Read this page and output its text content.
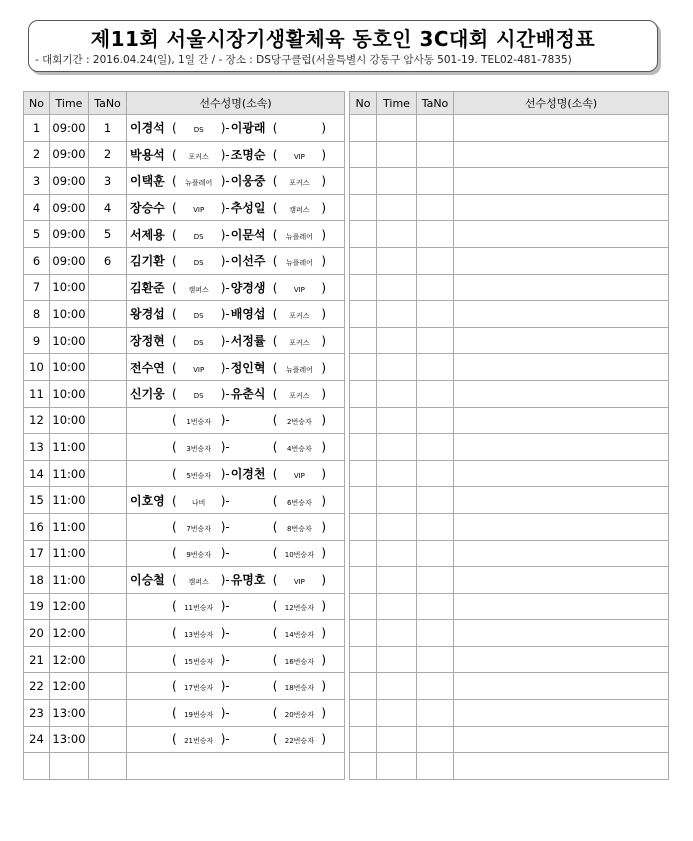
제11회 서울시장기생활체육 동호인 3C대회 시간배정표
- 대회기간 : 2016.04.24(일), 1일 간 / - 장소 : DS당구클럽(서울특별시 강동구 암사동 501-19. TEL02-481-7835)
No	Time	TaNo	선수성명(소속)
1	09:00	1	이경석 ( DS )-이광래 ( )
2	09:00	2	박용석 ( 포커스 )-조명순 ( VIP )
3	09:00	3	이택훈 ( 뉴플레어 )-이웅중 ( 포커스 )
4	09:00	4	장승수 ( VIP )-추성일 ( 캠퍼스 )
5	09:00	5	서제용 ( DS )-이문석 ( 뉴플레어 )
6	09:00	6	김기환 ( DS )-이선주 ( 뉴플레어 )
7	10:00		김환준 ( 캠퍼스 )-양경생 ( VIP )
8	10:00		왕경섭 ( DS )-배영섭 ( 포커스 )
9	10:00		장정현 ( DS )-서정률 ( 포커스 )
10	10:00		전수연 ( VIP )-정인혁 ( 뉴플레어 )
11	10:00		신기웅 ( DS )-유춘식 ( 포커스 )
12	10:00		( 1번승자 )- ( 2번승자 )
13	11:00		( 3번승자 )- ( 4번승자 )
14	11:00		( 5번승자 )-이경천 ( VIP )
15	11:00		이호영 ( 나비 )- ( 6번승자 )
16	11:00		( 7번승자 )- ( 8번승자 )
17	11:00		( 9번승자 )- ( 10번승자 )
18	11:00		이승철 ( 캠퍼스 )-유명호 ( VIP )
19	12:00		( 11번승자 )- ( 12번승자 )
20	12:00		( 13번승자 )- ( 14번승자 )
21	12:00		( 15번승자 )- ( 16번승자 )
22	12:00		( 17번승자 )- ( 18번승자 )
23	13:00		( 19번승자 )- ( 20번승자 )
24	13:00		( 21번승자 )- ( 22번승자 )

No	Time	TaNo	선수성명(소속)
